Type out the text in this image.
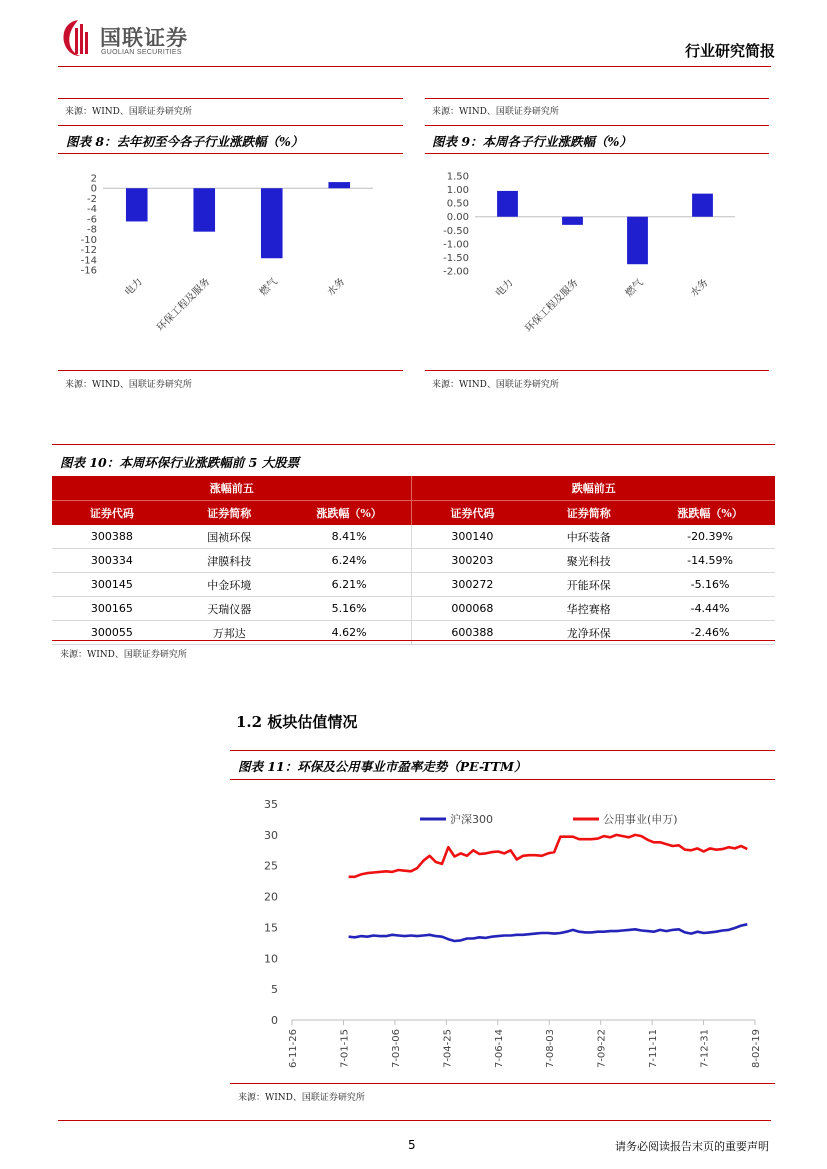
国联证券
GUOLIAN SECURITIES	行业研究简报
来源：WIND、国联证券研究所	来源：WIND、国联证券研究所
图表 8：去年初至今各子行业涨跌幅（%）	图表 9：本周各子行业涨跌幅（%）
2
0
-2
-4
-6
-8
-10
-12
-14
-16
电力 环保工程及服务	燃气	水务
1.50
1.00
0.50
0.00
-0.50
-1.00
-1.50
-2.00
电力 环保工程及服务	燃气	水务
来源：WIND、国联证券研究所	来源：WIND、国联证券研究所
图表 10：本周环保行业涨跌幅前 5 大股票
涨幅前五			跌幅前五		
证券代码	证券简称	涨跌幅（%）	证券代码	证券简称	涨跌幅（%）
300388	国祯环保	8.41%	300140	中环装备	-20.39%
300334	津膜科技	6.24%	300203	聚光科技	-14.59%
300145	中金环境	6.21%	300272	开能环保	-5.16%
300165	天瑞仪器	5.16%	000068	华控赛格	-4.44%
300055	万邦达	4.62%	600388	龙净环保	-2.46%
来源：WIND、国联证券研究所
1.2 板块估值情况
图表 11：环保及公用事业市盈率走势（PE-TTM）
0
5
10
15
20
25
30
35
6-11-26	7-01-15	7-03-06	7-04-25	7-06-14	7-08-03	7-09-22	7-11-11	7-12-31	8-02-19
沪深300	公用事业(申万)
来源：WIND、国联证券研究所
5	请务必阅读报告末页的重要声明
